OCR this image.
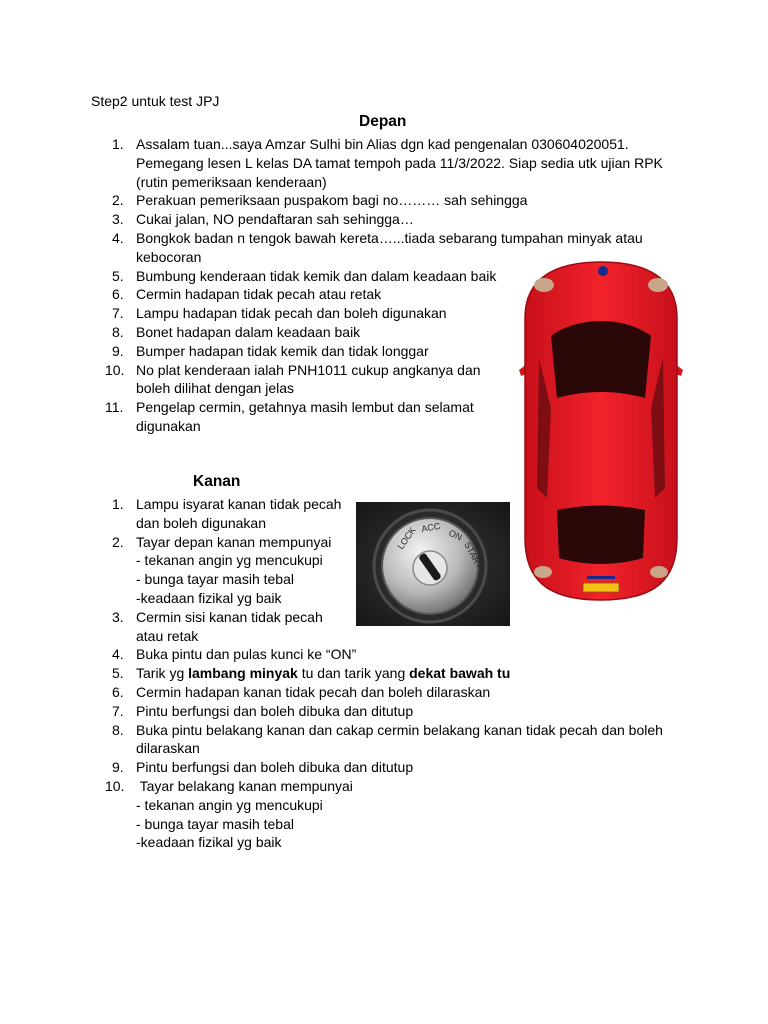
Step2 untuk test JPJ
Depan
1. Assalam tuan...saya Amzar Sulhi bin Alias dgn kad pengenalan 030604020051.
Pemegang lesen L kelas DA tamat tempoh pada 11/3/2022. Siap sedia utk ujian RPK
(rutin pemeriksaan kenderaan)
2. Perakuan pemeriksaan puspakom bagi no……… sah sehingga
3. Cukai jalan, NO pendaftaran sah sehingga…
4. Bongkok badan n tengok bawah kereta…...tiada sebarang tumpahan minyak atau
kebocoran
5. Bumbung kenderaan tidak kemik dan dalam keadaan baik
6. Cermin hadapan tidak pecah atau retak
7. Lampu hadapan tidak pecah dan boleh digunakan
8. Bonet hadapan dalam keadaan baik
9. Bumper hadapan tidak kemik dan tidak longgar
10. No plat kenderaan ialah PNH1011 cukup angkanya dan
boleh dilihat dengan jelas
11. Pengelap cermin, getahnya masih lembut dan selamat
digunakan
Kanan
1. Lampu isyarat kanan tidak pecah
dan boleh digunakan
2. Tayar depan kanan mempunyai
- tekanan angin yg mencukupi
- bunga tayar masih tebal
-keadaan fizikal yg baik
3. Cermin sisi kanan tidak pecah
atau retak
4. Buka pintu dan pulas kunci ke “ON”
5. Tarik yg lambang minyak tu dan tarik yang dekat bawah tu
6. Cermin hadapan kanan tidak pecah dan boleh dilaraskan
7. Pintu berfungsi dan boleh dibuka dan ditutup
8. Buka pintu belakang kanan dan cakap cermin belakang kanan tidak pecah dan boleh
dilaraskan
9. Pintu berfungsi dan boleh dibuka dan ditutup
10. Tayar belakang kanan mempunyai
- tekanan angin yg mencukupi
- bunga tayar masih tebal
-keadaan fizikal yg baik
LOCK ACC
ON
START
